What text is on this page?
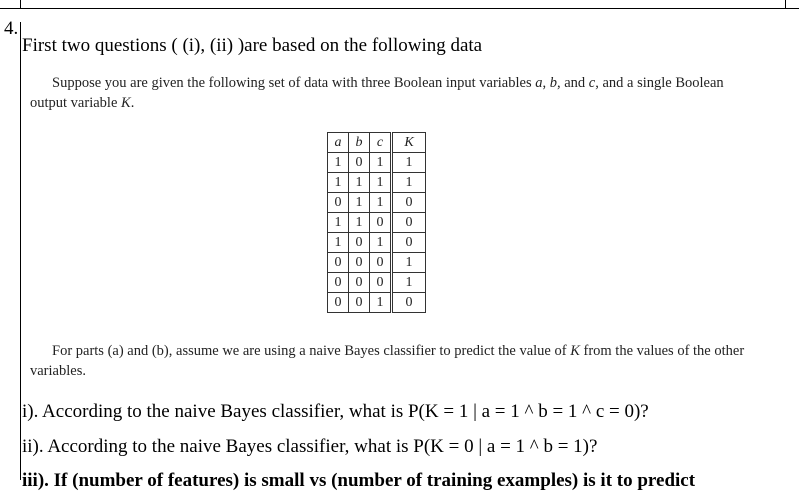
4.
First two questions ( (i), (ii) )are based on the following data

Suppose you are given the following set of data with three Boolean input variables a, b, and c, and a single Boolean output variable K.

a	b	c	K
1	0	1	1
1	1	1	1
0	1	1	0
1	1	0	0
1	0	1	0
0	0	0	1
0	0	0	1
0	0	1	0

For parts (a) and (b), assume we are using a naive Bayes classifier to predict the value of K from the values of the other variables.

i). According to the naive Bayes classifier, what is P(K = 1 | a = 1 ^ b = 1 ^ c = 0)?
ii). According to the naive Bayes classifier, what is P(K = 0 | a = 1 ^ b = 1)?
iii). If (number of features) is small vs (number of training examples) is it to predict
